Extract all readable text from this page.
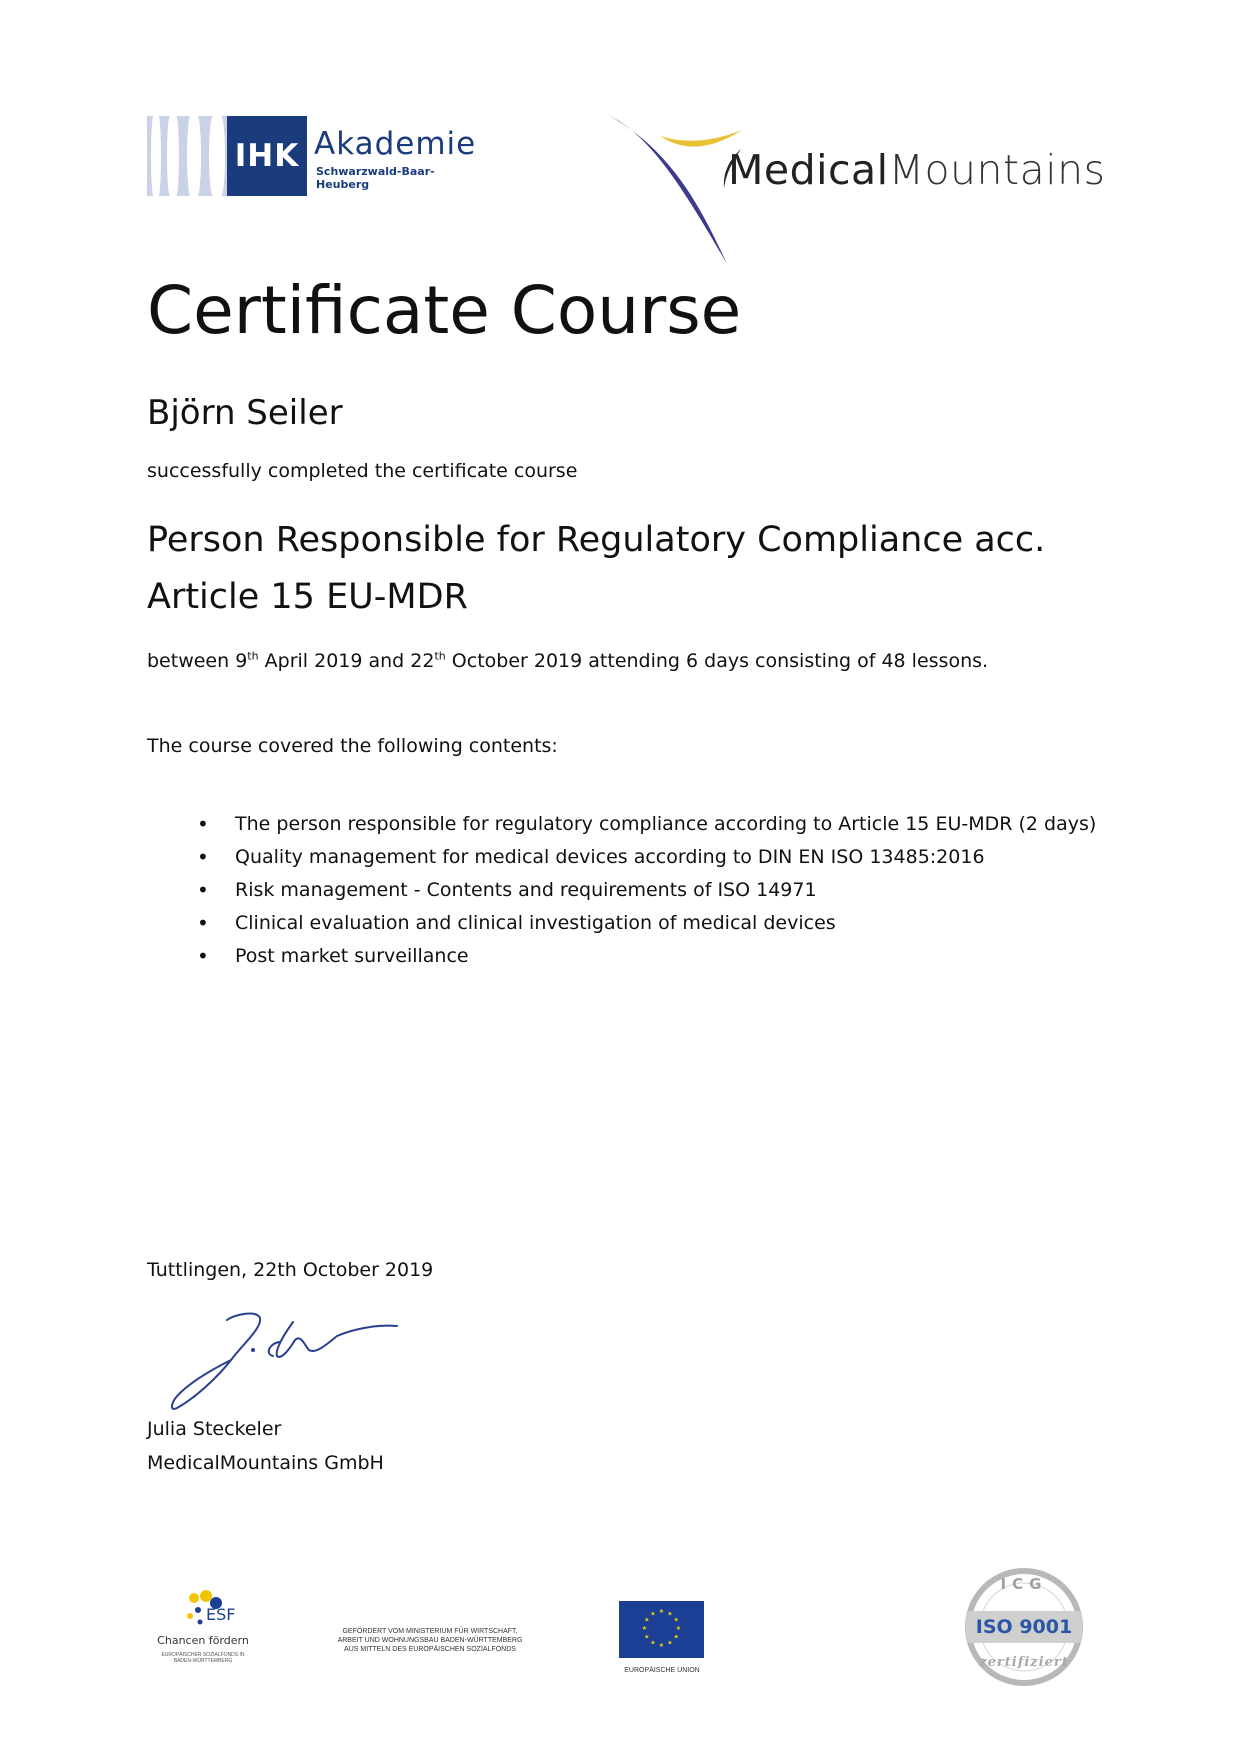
IHK Akademie
Schwarzwald-Baar-Heuberg	MedicalMountains
Certificate Course
Björn Seiler
successfully completed the certificate course
Person Responsible for Regulatory Compliance acc.
Article 15 EU-MDR
between 9th April 2019 and 22th October 2019 attending 6 days consisting of 48 lessons.
The course covered the following contents:
• The person responsible for regulatory compliance according to Article 15 EU-MDR (2 days)
• Quality management for medical devices according to DIN EN ISO 13485:2016
• Risk management - Contents and requirements of ISO 14971
• Clinical evaluation and clinical investigation of medical devices
• Post market surveillance
Tuttlingen, 22th October 2019
Julia Steckeler
MedicalMountains GmbH
ESF
Chancen fördern
EUROPÄISCHER SOZIALFONDS IN BADEN-WÜRTTEMBERG
GEFÖRDERT VOM MINISTERIUM FÜR WIRTSCHAFT,
ARBEIT UND WOHNUNGSBAU BADEN-WÜRTTEMBERG
AUS MITTELN DES EUROPÄISCHEN SOZIALFONDS
★ ★
★
★
★
★
★
★
★
★
★
★
EUROPÄISCHE UNION
ICG
ISO 9001
zertifiziert
